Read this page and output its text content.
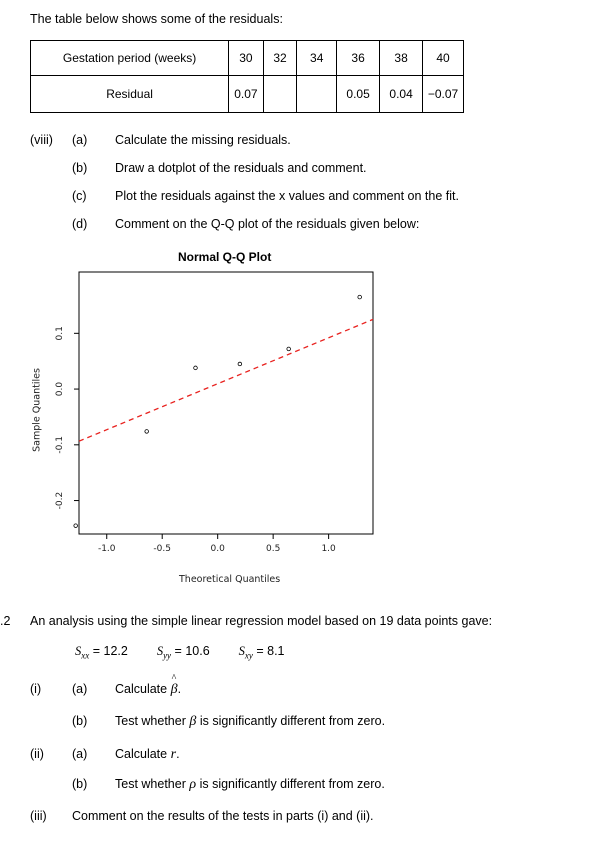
The table below shows some of the residuals:
Gestation period (weeks)	30	32	34	36	38	40
Residual	0.07			0.05	0.04	−0.07
(viii) (a) Calculate the missing residuals.
(b) Draw a dotplot of the residuals and comment.
(c) Plot the residuals against the x values and comment on the fit.
(d) Comment on the Q-Q plot of the residuals given below:
Normal Q-Q Plot
-1.0	-0.5	0.0	0.5	1.0
-0.2
-0.1
0.0
0.1
Theoretical Quantiles
Sample Quantiles
.2 An analysis using the simple linear regression model based on 19 data points gave:
$S_{xx} = 12.2$ $S_{yy} = 10.6$ $S_{xy} = 8.1$
(i) (a) Calculate β
^
.
(b) Test whether β is significantly different from zero.
(ii) (a) Calculate r.
(b) Test whether ρ is significantly different from zero.
(iii) Comment on the results of the tests in parts (i) and (ii).
